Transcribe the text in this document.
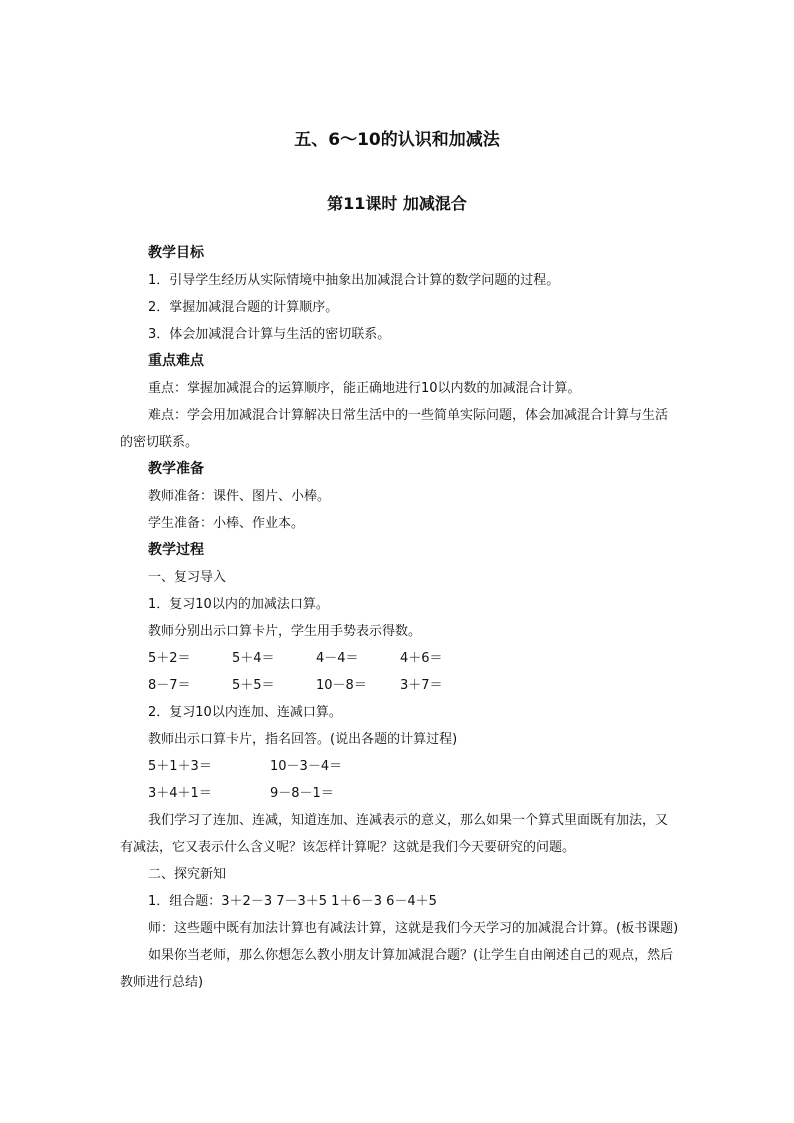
五、6～10的认识和加减法
第11课时 加减混合

教学目标

1．引导学生经历从实际情境中抽象出加减混合计算的数学问题的过程。

2．掌握加减混合题的计算顺序。

3．体会加减混合计算与生活的密切联系。

重点难点

重点：掌握加减混合的运算顺序，能正确地进行10以内数的加减混合计算。

难点：学会用加减混合计算解决日常生活中的一些简单实际问题，体会加减混合计算与生活的密切联系。

教学准备

教师准备：课件、图片、小棒。

学生准备：小棒、作业本。

教学过程

一、复习导入

1．复习10以内的加减法口算。

教师分别出示口算卡片，学生用手势表示得数。

5＋2＝	5＋4＝	4－4＝	4＋6＝
8－7＝	5＋5＝	10－8＝	3＋7＝

2．复习10以内连加、连减口算。

教师出示口算卡片，指名回答。(说出各题的计算过程)

5＋1＋3＝	10－3－4＝
3＋4＋1＝	9－8－1＝

我们学习了连加、连减，知道连加、连减表示的意义，那么如果一个算式里面既有加法，又有减法，它又表示什么含义呢？该怎样计算呢？这就是我们今天要研究的问题。

二、探究新知

1．组合题：3＋2－3 7－3＋5 1＋6－3 6－4＋5

师：这些题中既有加法计算也有减法计算，这就是我们今天学习的加减混合计算。(板书课题)

如果你当老师，那么你想怎么教小朋友计算加减混合题？(让学生自由阐述自己的观点，然后教师进行总结)
